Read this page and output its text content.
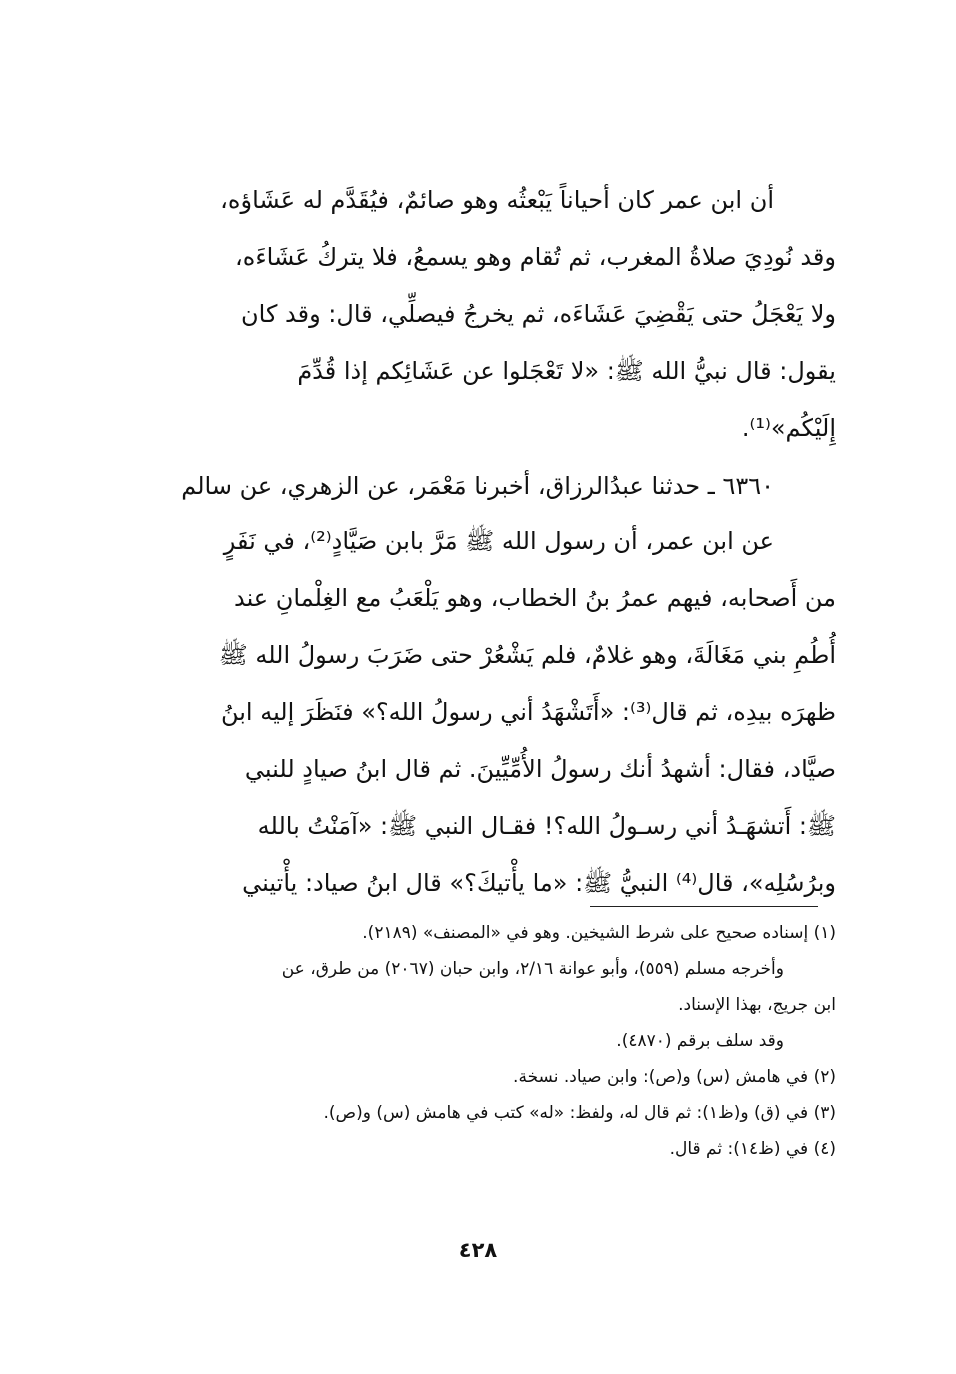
أن ابن عمر كان أحياناً يَبْعثُه وهو صائمٌ، فيُقَدَّم له عَشَاؤه،
وقد نُودِيَ صلاةُ المغرب، ثم تُقام وهو يسمعُ، فلا يتركُ عَشَاءَه،
ولا يَعْجَلُ حتى يَقْضِيَ عَشَاءَه، ثم يخرجُ فيصلِّي، قال: وقد كان
يقول: قال نبيُّ الله ﷺ: «لا تَعْجَلوا عن عَشَائِكم إذا قُدِّمَ
إِلَيْكُم»⁽¹⁾.
٦٣٦٠ ـ حدثنا عبدُالرزاق، أخبرنا مَعْمَر، عن الزهري، عن سالم
عن ابن عمر، أن رسول الله ﷺ مَرَّ بابن صَيَّادٍ⁽²⁾، في نَفَرٍ
من أَصحابه، فيهم عمرُ بنُ الخطاب، وهو يَلْعَبُ مع الغِلْمانِ عند
أُطُمِ بني مَغَالَةَ، وهو غلامٌ، فلم يَشْعُرْ حتى ضَرَبَ رسولُ الله ﷺ
ظهرَه بيدِه، ثم قال⁽³⁾: «أَتَشْهَدُ أني رسولُ الله؟» فنَظَرَ إليه ابنُ
صيَّاد، فقال: أشهدُ أنك رسولُ الأُمِّيِّينَ. ثم قال ابنُ صيادٍ للنبي
ﷺ: أَتشهَـدُ أني رسـولُ الله؟! فقـال النبي ﷺ: «آمَنْتُ بالله
وبرُسُلِه»، قال⁽⁴⁾ النبيُّ ﷺ: «ما يأْتيكَ؟» قال ابنُ صياد: يأْتيني
(١) إسناده صحيح على شرط الشيخين. وهو في «المصنف» (٢١٨٩).
وأخرجه مسلم (٥٥٩)، وأبو عوانة ٢/١٦، وابن حبان (٢٠٦٧) من طرق، عن
ابن جريج، بهذا الإسناد.
وقد سلف برقم (٤٨٧٠).
(٢) في هامش (س) و(ص): وابن صياد. نسخة.
(٣) في (ق) و(ظ١): ثم قال له، ولفظ: «له» كتب في هامش (س) و(ص).
(٤) في (ظ١٤): ثم قال.
٤٢٨
